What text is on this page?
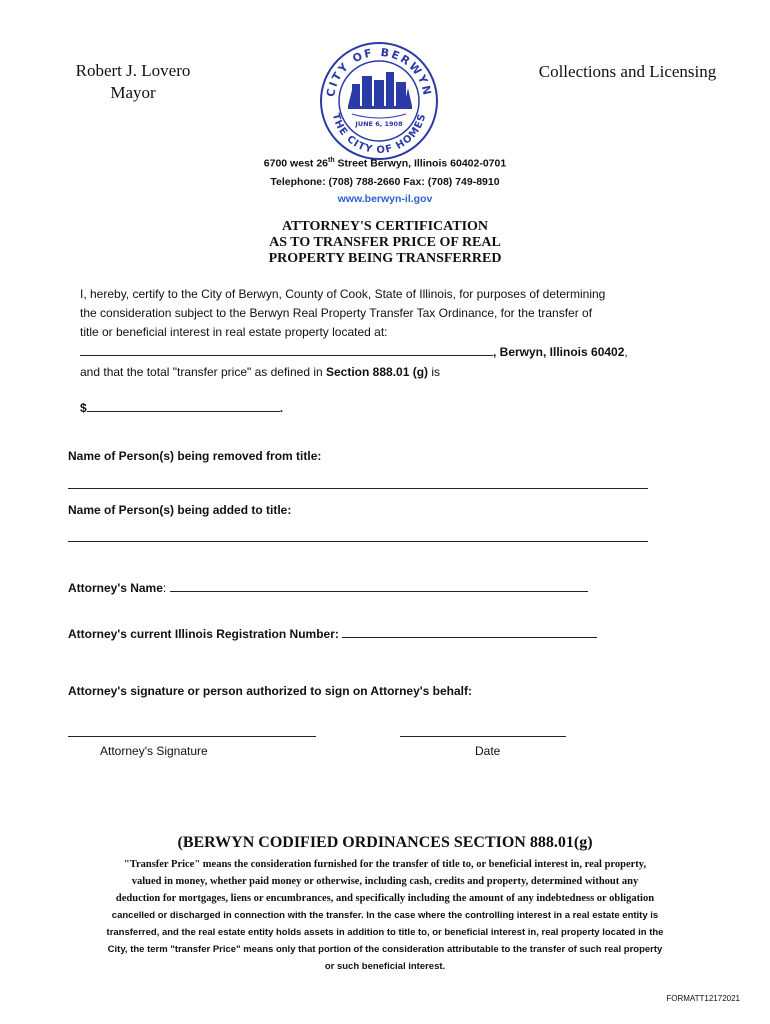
Robert J. Lovero
Mayor	CITY OF BERWYN
THE CITY OF HOMES
JUNE 6, 1908
Collections and Licensing
6700 west 26th Street Berwyn, Illinois 60402-0701
Telephone: (708) 788-2660 Fax: (708) 749-8910
www.berwyn-il.gov
ATTORNEY'S CERTIFICATION
AS TO TRANSFER PRICE OF REAL
PROPERTY BEING TRANSFERRED
I, hereby, certify to the City of Berwyn, County of Cook, State of Illinois, for purposes of determining
the consideration subject to the Berwyn Real Property Transfer Tax Ordinance, for the transfer of
title or beneficial interest in real estate property located at:
, Berwyn, Illinois 60402,
and that the total "transfer price" as defined in Section 888.01 (g) is
$	.
Name of Person(s) being removed from title:
Name of Person(s) being added to title:
Attorney's Name:
Attorney's current Illinois Registration Number:
Attorney's signature or person authorized to sign on Attorney's behalf:
Attorney's Signature	Date
(BERWYN CODIFIED ORDINANCES SECTION 888.01(g)
"Transfer Price" means the consideration furnished for the transfer of title to, or beneficial interest in, real property,
valued in money, whether paid money or otherwise, including cash, credits and property, determined without any
deduction for mortgages, liens or encumbrances, and specifically including the amount of any indebtedness or obligation
cancelled or discharged in connection with the transfer. In the case where the controlling interest in a real estate entity is
transferred, and the real estate entity holds assets in addition to title to, or beneficial interest in, real property located in the
City, the term "transfer Price" means only that portion of the consideration attributable to the transfer of such real property
or such beneficial interest.
FORMATT12172021
